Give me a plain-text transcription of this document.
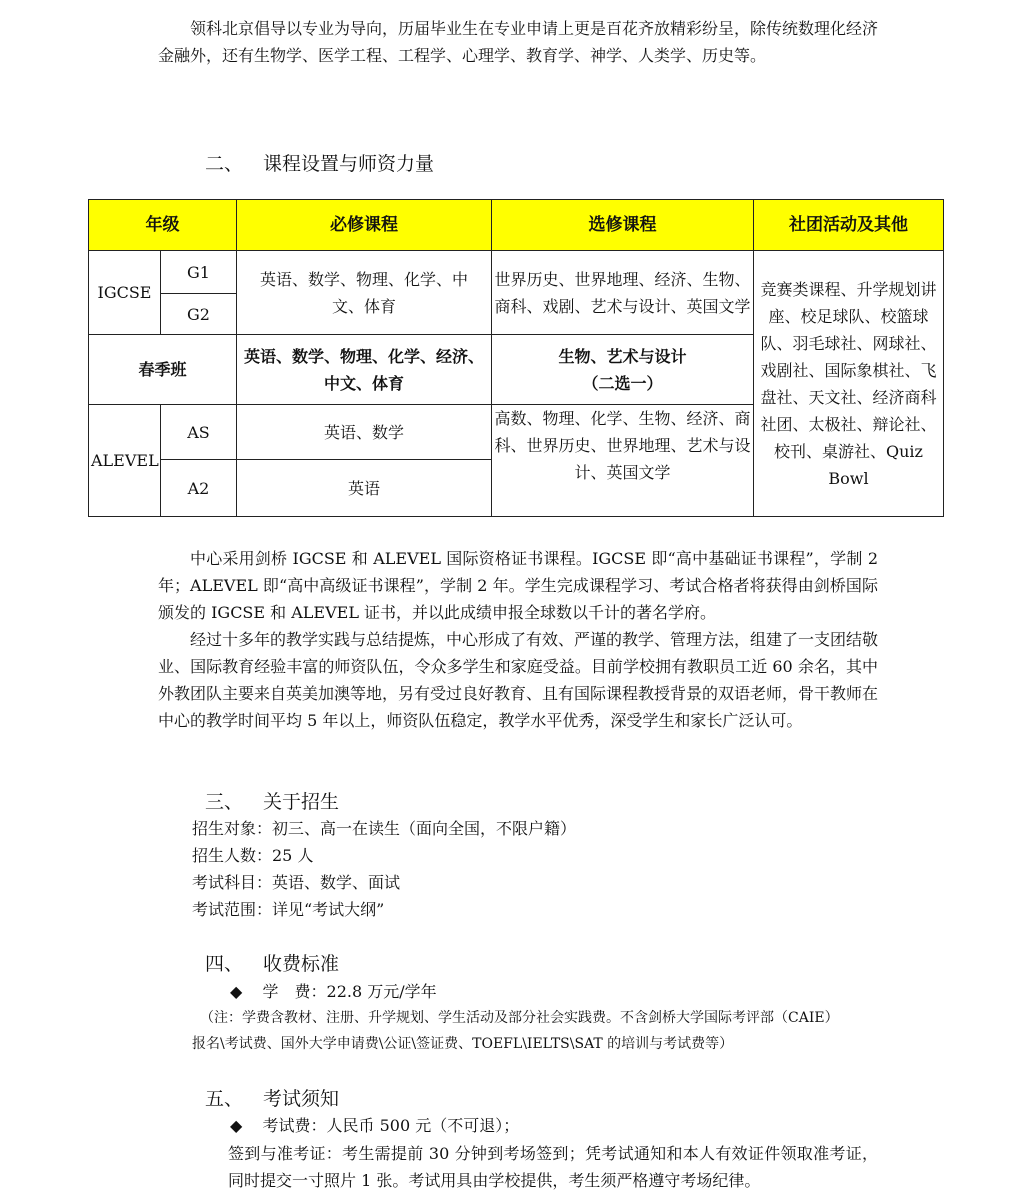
领科北京倡导以专业为导向，历届毕业生在专业申请上更是百花齐放精彩纷呈，除传统数理化经济金融外，还有生物学、医学工程、工程学、心理学、教育学、神学、人类学、历史等。
二、 课程设置与师资力量
年级		必修课程	选修课程	社团活动及其他
IGCSE	G1	英语、数学、物理、化学、中文、体育	世界历史、世界地理、经济、生物、商科、戏剧、艺术与设计、英国文学	竞赛类课程、升学规划讲座、校足球队、校篮球队、羽毛球社、网球社、戏剧社、国际象棋社、飞盘社、天文社、经济商科社团、太极社、辩论社、校刊、桌游社、Quiz Bowl
	G2			
春季班		英语、数学、物理、化学、经济、中文、体育	生物、艺术与设计
（二选一）	

ALEVEL	AS	英语、数学	高数、物理、化学、生物、经济、商科、世界历史、世界地理、艺术与设计、英国文学	
	A2	英语		
中心采用剑桥 IGCSE 和 ALEVEL 国际资格证书课程。IGCSE 即“高中基础证书课程”，学制 2 年；ALEVEL 即“高中高级证书课程”，学制 2 年。学生完成课程学习、考试合格者将获得由剑桥国际颁发的 IGCSE 和 ALEVEL 证书，并以此成绩申报全球数以千计的著名学府。
经过十多年的教学实践与总结提炼，中心形成了有效、严谨的教学、管理方法，组建了一支团结敬业、国际教育经验丰富的师资队伍，令众多学生和家庭受益。目前学校拥有教职员工近 60 余名，其中外教团队主要来自英美加澳等地，另有受过良好教育、且有国际课程教授背景的双语老师，骨干教师在中心的教学时间平均 5 年以上，师资队伍稳定，教学水平优秀，深受学生和家长广泛认可。
三、 关于招生
招生对象：初三、高一在读生（面向全国，不限户籍）
招生人数：25 人
考试科目：英语、数学、面试
考试范围：详见“考试大纲”
四、 收费标准
◆ 学　费：22.8 万元/学年
（注：学费含教材、注册、升学规划、学生活动及部分社会实践费。不含剑桥大学国际考评部（CAIE）
报名\考试费、国外大学申请费\公证\签证费、TOEFL\IELTS\SAT 的培训与考试费等）
五、 考试须知
◆ 考试费：人民币 500 元（不可退）；
签到与准考证：考生需提前 30 分钟到考场签到；凭考试通知和本人有效证件领取准考证，同时提交一寸照片 1 张。考试用具由学校提供，考生须严格遵守考场纪律。
